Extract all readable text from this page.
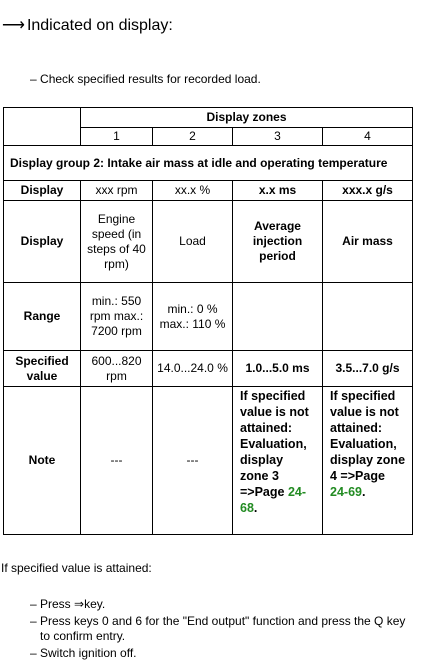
⟶ Indicated on display:
– Check specified results for recorded load.
	Display zones			
	1	2	3	4
Display group 2: Intake air mass at idle and operating temperature				
Display	xxx rpm	xx.x %	x.x ms	xxx.x g/s
Display	Engine speed (in steps of 40 rpm)	Load	Average injection period	Air mass
Range	min.: 550 rpm max.: 7200 rpm	min.: 0 % max.: 110 %		
Specified value	600...820 rpm	14.0...24.0 %	1.0...5.0 ms	3.5...7.0 g/s
Note	---	---	If specified value is not attained: Evaluation, display zone 3 =>Page 24-68.	If specified value is not attained: Evaluation, display zone 4 =>Page 24-69.
If specified value is attained:
– Press ⇒key.
– Press keys 0 and 6 for the "End output" function and press the Q key to confirm entry.
– Switch ignition off.
